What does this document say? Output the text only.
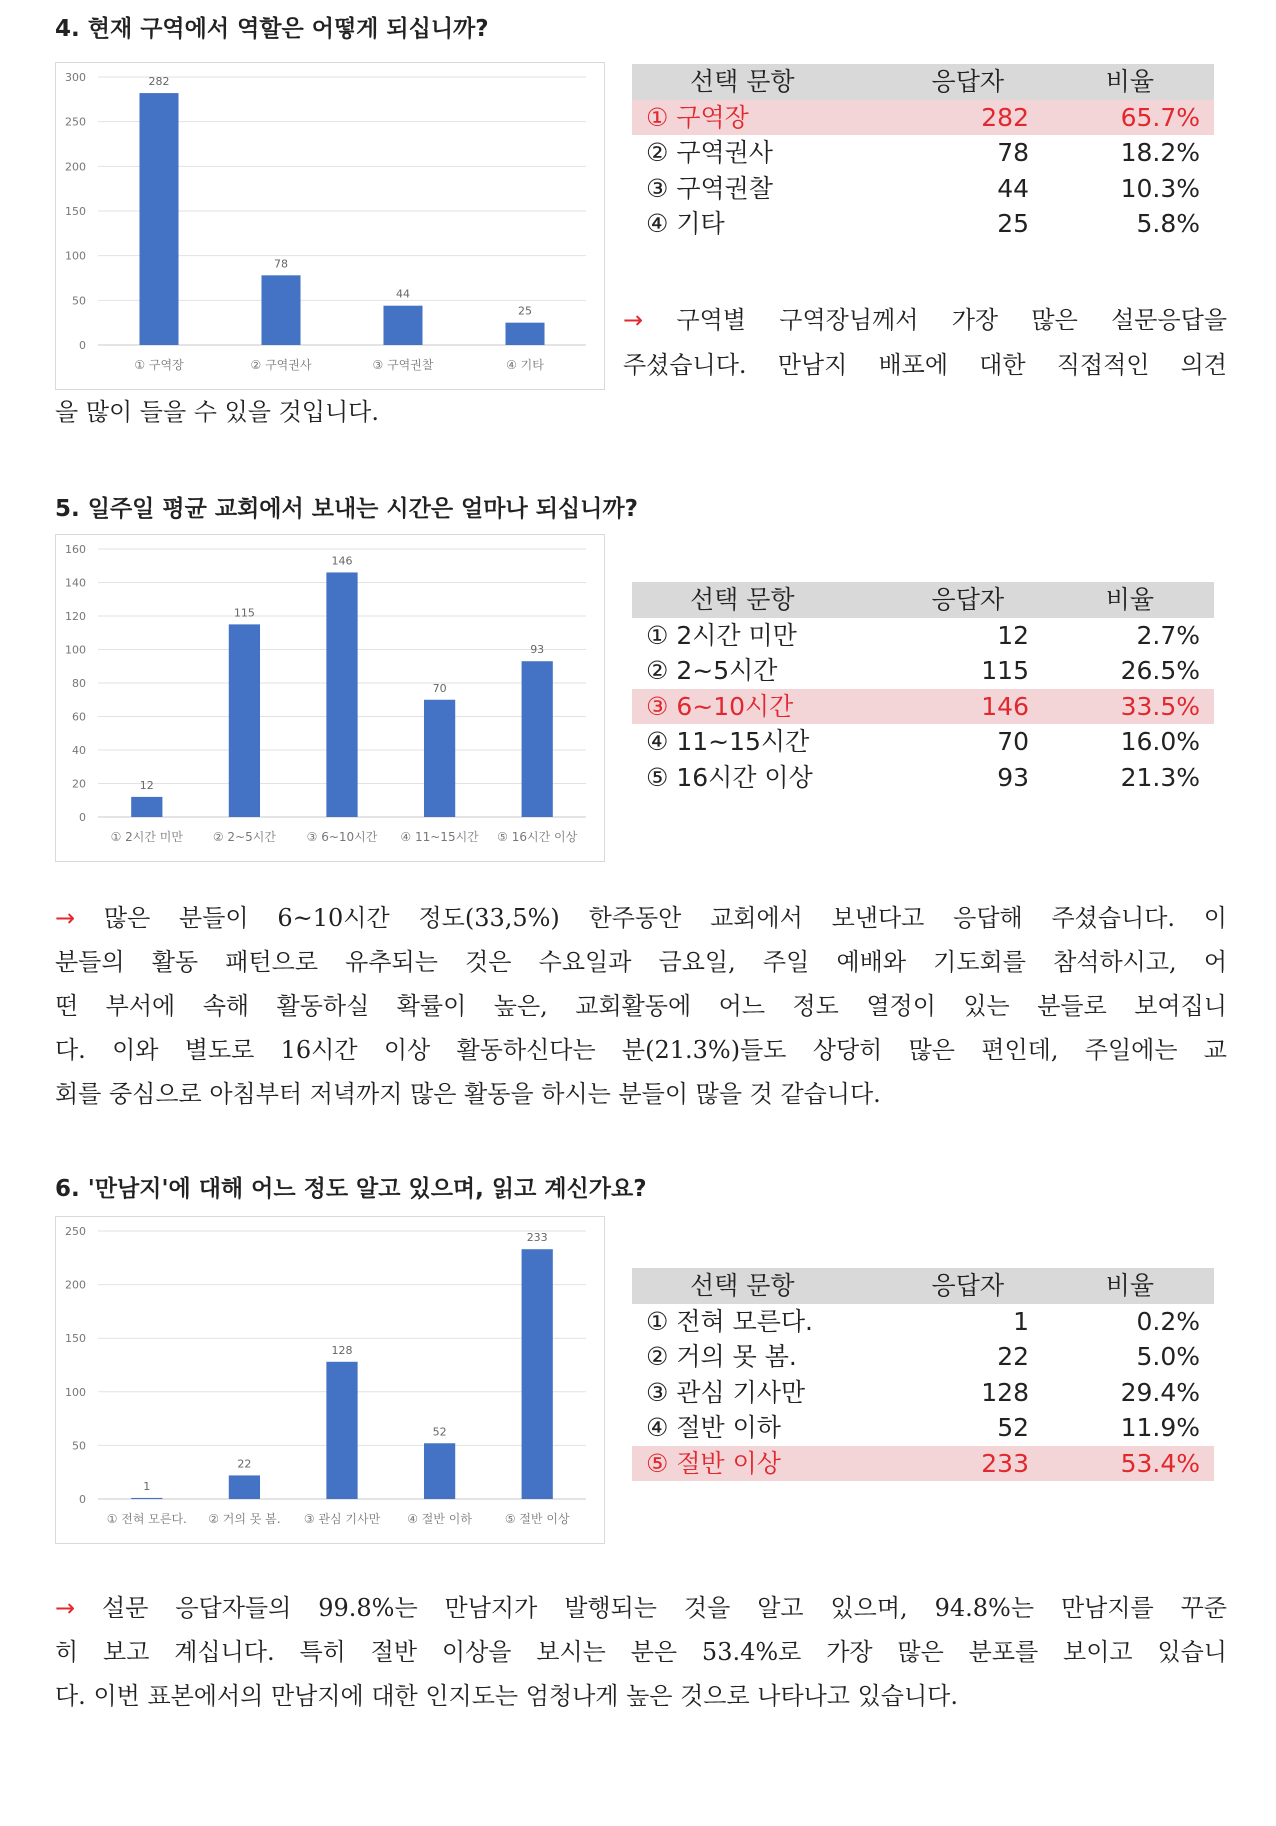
4. 현재 구역에서 역할은 어떻게 되십니까?
0
50
100
150
200
250
300	282
① 구역장
78
② 구역권사
44
③ 구역권찰
25
④ 기타
선택 문항	응답자	비율
① 구역장	282	65.7%
② 구역권사	78	18.2%
③ 구역권찰	44	10.3%
④ 기타	25	5.8%
→ 구역별 구역장님께서 가장 많은 설문응답을
주셨습니다. 만남지 배포에 대한 직접적인 의견
을 많이 들을 수 있을 것입니다.
5. 일주일 평균 교회에서 보내는 시간은 얼마나 되십니까?
0
20
40
60
80
100
120
140
160
12
① 2시간 미만
115
② 2~5시간
146
③ 6~10시간
70
④ 11~15시간
93
⑤ 16시간 이상
선택 문항	응답자	비율
① 2시간 미만	12	2.7%
② 2~5시간	115	26.5%
③ 6~10시간	146	33.5%
④ 11~15시간	70	16.0%
⑤ 16시간 이상	93	21.3%
→ 많은 분들이 6~10시간 정도(33,5%) 한주동안 교회에서 보낸다고 응답해 주셨습니다. 이
분들의 활동 패턴으로 유추되는 것은 수요일과 금요일, 주일 예배와 기도회를 참석하시고, 어
떤 부서에 속해 활동하실 확률이 높은, 교회활동에 어느 정도 열정이 있는 분들로 보여집니
다. 이와 별도로 16시간 이상 활동하신다는 분(21.3%)들도 상당히 많은 편인데, 주일에는 교
회를 중심으로 아침부터 저녁까지 많은 활동을 하시는 분들이 많을 것 같습니다.
6. '만남지'에 대해 어느 정도 알고 있으며, 읽고 계신가요?
0
50
100
150
200
250
1
① 전혀 모른다.
22
② 거의 못 봄.
128
③ 관심 기사만
52
④ 절반 이하
233
⑤ 절반 이상
선택 문항	응답자	비율
① 전혀 모른다.	1	0.2%
② 거의 못 봄.	22	5.0%
③ 관심 기사만	128	29.4%
④ 절반 이하	52	11.9%
⑤ 절반 이상	233	53.4%
→ 설문 응답자들의 99.8%는 만남지가 발행되는 것을 알고 있으며, 94.8%는 만남지를 꾸준
히 보고 계십니다. 특히 절반 이상을 보시는 분은 53.4%로 가장 많은 분포를 보이고 있습니
다. 이번 표본에서의 만남지에 대한 인지도는 엄청나게 높은 것으로 나타나고 있습니다.
